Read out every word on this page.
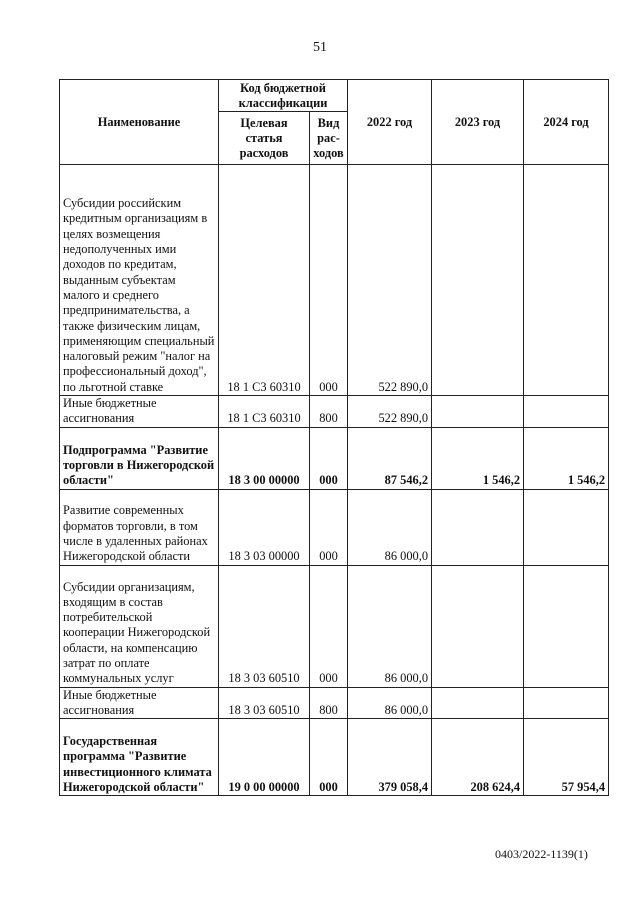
51
Наименование	Код бюджетной классификации		2022 год	2023 год	2024 год
	Целевая статья расходов	Вид рас-ходов			
Субсидии российским кредитным организациям в целях возмещения недополученных ими доходов по кредитам, выданным субъектам малого и среднего предпринимательства, а также физическим лицам, применяющим специальный налоговый режим "налог на профессиональный доход", по льготной ставке	18 1 C3 60310	000	522 890,0		
Иные бюджетные ассигнования	18 1 C3 60310	800	522 890,0		
Подпрограмма "Развитие торговли в Нижегородской области"	18 3 00 00000	000	87 546,2	1 546,2	1 546,2
Развитие современных форматов торговли, в том числе в удаленных районах Нижегородской области	18 3 03 00000	000	86 000,0		
Субсидии организациям, входящим в состав потребительской кооперации Нижегородской области, на компенсацию затрат по оплате коммунальных услуг	18 3 03 60510	000	86 000,0		
Иные бюджетные ассигнования	18 3 03 60510	800	86 000,0		
Государственная программа "Развитие инвестиционного климата Нижегородской области"	19 0 00 00000	000	379 058,4	208 624,4	57 954,4
0403/2022-1139(1)
